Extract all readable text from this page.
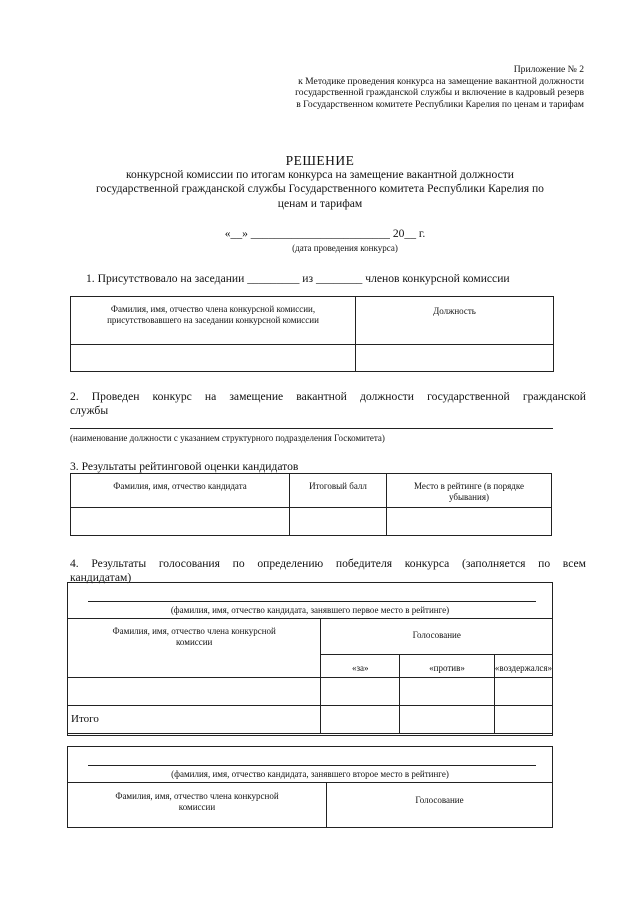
Приложение № 2
к Методике проведения конкурса на замещение вакантной должности
государственной гражданской службы и включение в кадровый резерв
в Государственном комитете Республики Карелия по ценам и тарифам
РЕШЕНИЕ
конкурсной комиссии по итогам конкурса на замещение вакантной должности
государственной гражданской службы Государственного комитета Республики Карелия по
ценам и тарифам
«__» ________________________ 20__ г.
(дата проведения конкурса)
1. Присутствовало на заседании _________ из ________ членов конкурсной комиссии
Фамилия, имя, отчество члена конкурсной комиссии, присутствовавшего на заседании конкурсной комиссии	Должность

2. Проведен конкурс на замещение вакантной должности государственной гражданской
службы
(наименование должности с указанием структурного подразделения Госкомитета)
3. Результаты рейтинговой оценки кандидатов
Фамилия, имя, отчество кандидата	Итоговый балл	Место в рейтинге (в порядке убывания)

4. Результаты голосования по определению победителя конкурса (заполняется по всем
кандидатам)
(фамилия, имя, отчество кандидата, занявшего первое место в рейтинге)
Фамилия, имя, отчество члена конкурсной комиссии	Голосование		
	«за»	«против»	«воздержался»

Итого			
(фамилия, имя, отчество кандидата, занявшего второе место в рейтинге)
Фамилия, имя, отчество члена конкурсной комиссии	Голосование
